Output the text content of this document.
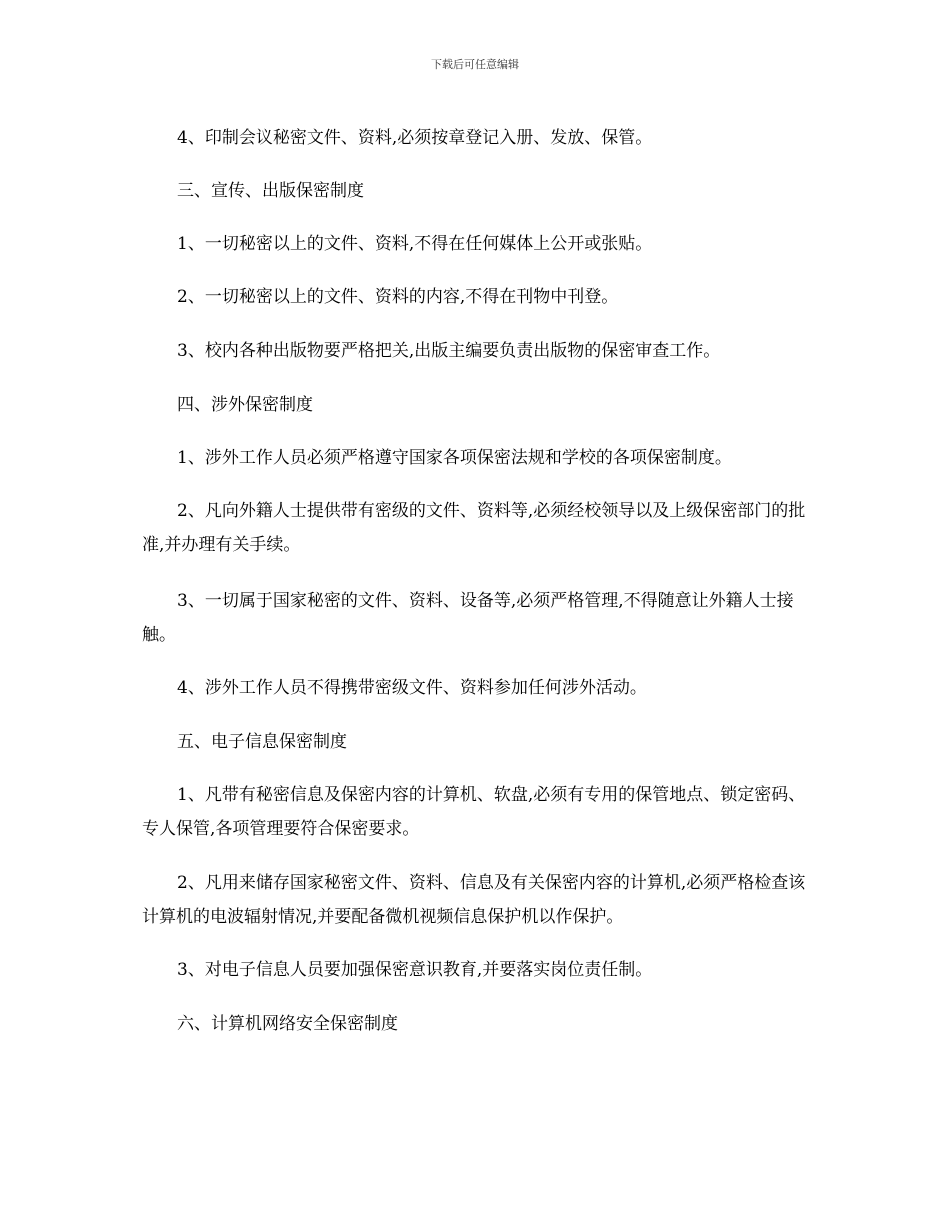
下载后可任意编辑

4、印制会议秘密文件、资料,必须按章登记入册、发放、保管。

三、宣传、出版保密制度

1、一切秘密以上的文件、资料,不得在任何媒体上公开或张贴。

2、一切秘密以上的文件、资料的内容,不得在刊物中刊登。

3、校内各种出版物要严格把关,出版主编要负责出版物的保密审查工作。

四、涉外保密制度

1、涉外工作人员必须严格遵守国家各项保密法规和学校的各项保密制度。

2、凡向外籍人士提供带有密级的文件、资料等,必须经校领导以及上级保密部门的批准,并办理有关手续。

3、一切属于国家秘密的文件、资料、设备等,必须严格管理,不得随意让外籍人士接触。

4、涉外工作人员不得携带密级文件、资料参加任何涉外活动。

五、电子信息保密制度

1、凡带有秘密信息及保密内容的计算机、软盘,必须有专用的保管地点、锁定密码、专人保管,各项管理要符合保密要求。

2、凡用来储存国家秘密文件、资料、信息及有关保密内容的计算机,必须严格检查该计算机的电波辐射情况,并要配备微机视频信息保护机以作保护。

3、对电子信息人员要加强保密意识教育,并要落实岗位责任制。

六、计算机网络安全保密制度
